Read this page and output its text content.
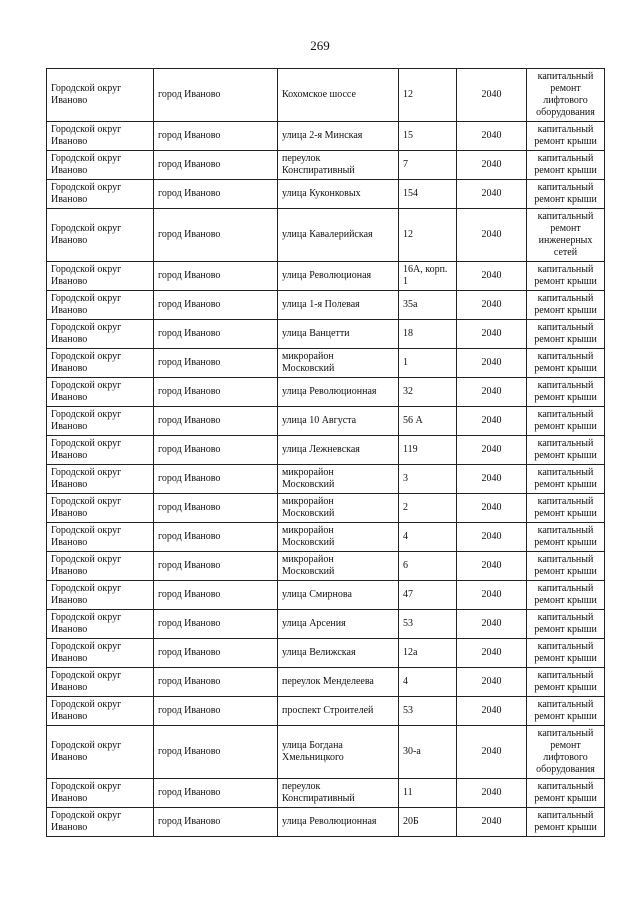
269
Городской округ
Иваново	город Иваново	Кохомское шоссе	12	2040	капитальный
ремонт
лифтового
оборудования
Городской округ
Иваново	город Иваново	улица 2-я Минская	15	2040	капитальный
ремонт крыши
Городской округ
Иваново	город Иваново	переулок
Конспиративный	7	2040	капитальный
ремонт крыши
Городской округ
Иваново	город Иваново	улица Куконковых	154	2040	капитальный
ремонт крыши
Городской округ
Иваново	город Иваново	улица Кавалерийская	12	2040	капитальный
ремонт
инженерных
сетей
Городской округ
Иваново	город Иваново	улица Революционая	16А, корп.
1	2040	капитальный
ремонт крыши
Городской округ
Иваново	город Иваново	улица 1-я Полевая	35а	2040	капитальный
ремонт крыши
Городской округ
Иваново	город Иваново	улица Ванцетти	18	2040	капитальный
ремонт крыши
Городской округ
Иваново	город Иваново	микрорайон
Московский	1	2040	капитальный
ремонт крыши
Городской округ
Иваново	город Иваново	улица Революционная	32	2040	капитальный
ремонт крыши
Городской округ
Иваново	город Иваново	улица 10 Августа	56 А	2040	капитальный
ремонт крыши
Городской округ
Иваново	город Иваново	улица Лежневская	119	2040	капитальный
ремонт крыши
Городской округ
Иваново	город Иваново	микрорайон
Московский	3	2040	капитальный
ремонт крыши
Городской округ
Иваново	город Иваново	микрорайон
Московский	2	2040	капитальный
ремонт крыши
Городской округ
Иваново	город Иваново	микрорайон
Московский	4	2040	капитальный
ремонт крыши
Городской округ
Иваново	город Иваново	микрорайон
Московский	6	2040	капитальный
ремонт крыши
Городской округ
Иваново	город Иваново	улица Смирнова	47	2040	капитальный
ремонт крыши
Городской округ
Иваново	город Иваново	улица Арсения	53	2040	капитальный
ремонт крыши
Городской округ
Иваново	город Иваново	улица Велижская	12а	2040	капитальный
ремонт крыши
Городской округ
Иваново	город Иваново	переулок Менделеева	4	2040	капитальный
ремонт крыши
Городской округ
Иваново	город Иваново	проспект Строителей	53	2040	капитальный
ремонт крыши
Городской округ
Иваново	город Иваново	улица Богдана
Хмельницкого	30-а	2040	капитальный
ремонт
лифтового
оборудования
Городской округ
Иваново	город Иваново	переулок
Конспиративный	11	2040	капитальный
ремонт крыши
Городской округ
Иваново	город Иваново	улица Революционная	20Б	2040	капитальный
ремонт крыши
